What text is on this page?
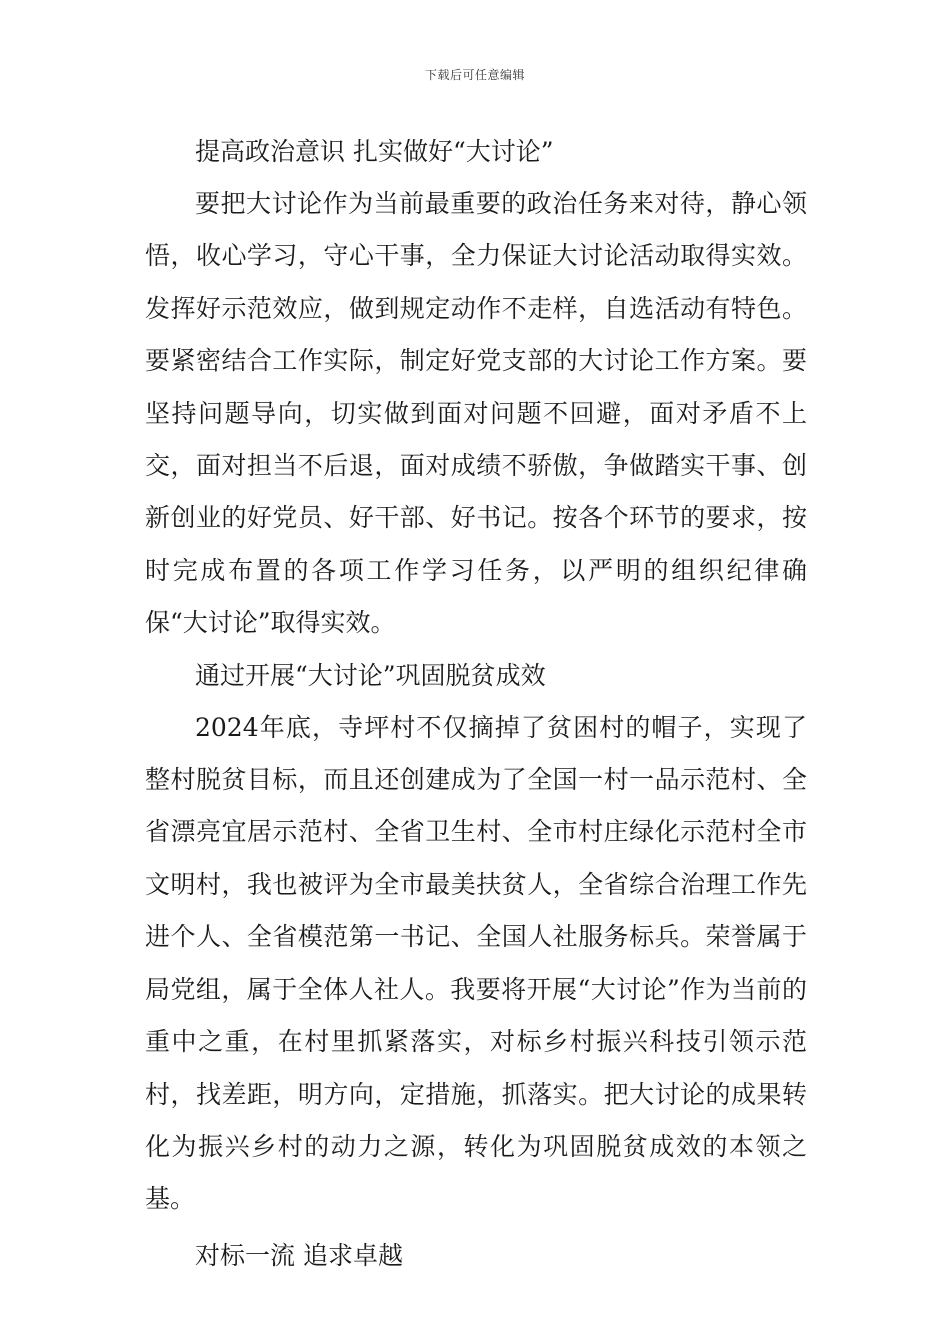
下载后可任意编辑

提高政治意识 扎实做好“大讨论”

要把大讨论作为当前最重要的政治任务来对待，静心领悟，收心学习，守心干事，全力保证大讨论活动取得实效。发挥好示范效应，做到规定动作不走样，自选活动有特色。要紧密结合工作实际，制定好党支部的大讨论工作方案。要坚持问题导向，切实做到面对问题不回避，面对矛盾不上交，面对担当不后退，面对成绩不骄傲，争做踏实干事、创新创业的好党员、好干部、好书记。按各个环节的要求，按时完成布置的各项工作学习任务，以严明的组织纪律确保“大讨论”取得实效。

通过开展“大讨论”巩固脱贫成效

2024年底，寺坪村不仅摘掉了贫困村的帽子，实现了整村脱贫目标，而且还创建成为了全国一村一品示范村、全省漂亮宜居示范村、全省卫生村、全市村庄绿化示范村全市文明村，我也被评为全市最美扶贫人，全省综合治理工作先进个人、全省模范第一书记、全国人社服务标兵。荣誉属于局党组，属于全体人社人。我要将开展“大讨论”作为当前的重中之重，在村里抓紧落实，对标乡村振兴科技引领示范村，找差距，明方向，定措施，抓落实。把大讨论的成果转化为振兴乡村的动力之源，转化为巩固脱贫成效的本领之基。

对标一流 追求卓越
